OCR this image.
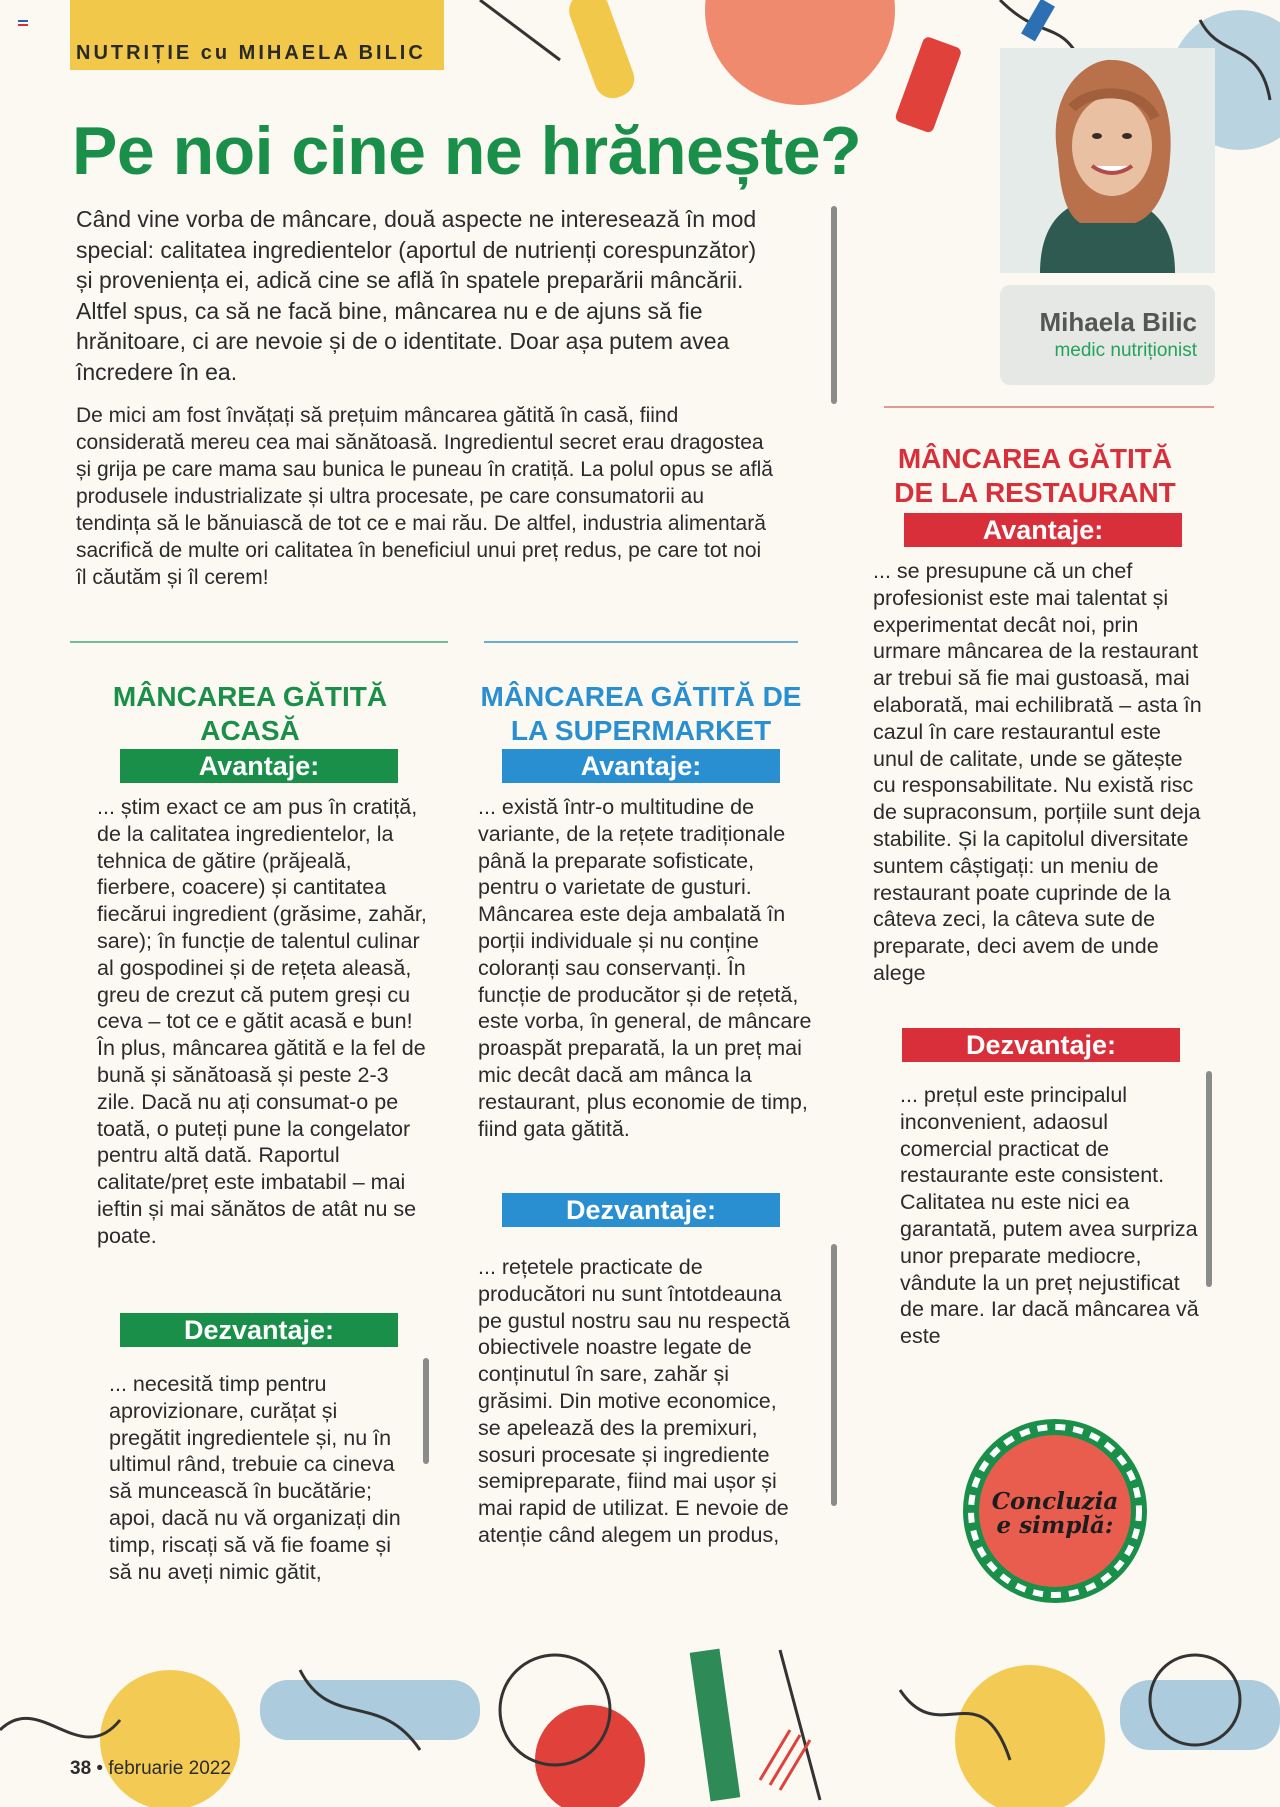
NUTRIȚIE cu MIHAELA BILIC
Pe noi cine ne hrănește?

Când vine vorba de mâncare, două aspecte ne interesează în mod special: calitatea ingredientelor (aportul de nutrienți corespunzător) și proveniența ei, adică cine se află în spatele preparării mâncării. Altfel spus, ca să ne facă bine, mâncarea nu e de ajuns să fie hrănitoare, ci are nevoie și de o identitate. Doar așa putem avea încredere în ea.

De mici am fost învățați să prețuim mâncarea gătită în casă, fiind considerată mereu cea mai sănătoasă. Ingredientul secret erau dragostea și grija pe care mama sau bunica le puneau în cratiță. La polul opus se află produsele industrializate și ultra procesate, pe care consumatorii au tendința să le bănuiască de tot ce e mai rău. De altfel, industria alimentară sacrifică de multe ori calitatea în beneficiul unui preț redus, pe care tot noi îl căutăm și îl cerem!

Mihaela Bilic
medic nutriționist
MÂNCAREA GĂTITĂ ACASĂ
Avantaje:

... știm exact ce am pus în cratiță, de la calitatea ingredientelor, la tehnica de gătire (prăjeală, fierbere, coacere) și cantitatea fiecărui ingredient (grăsime, zahăr, sare); în funcție de talentul culinar al gospodinei și de rețeta aleasă, greu de crezut că putem greși cu ceva – tot ce e gătit acasă e bun! În plus, mâncarea gătită e la fel de bună și sănătoasă și peste 2-3 zile. Dacă nu ați consumat-o pe toată, o puteți pune la congelator pentru altă dată. Raportul calitate/preț este imbatabil – mai ieftin și mai sănătos de atât nu se poate.

Dezvantaje:

... necesită timp pentru aprovizionare, curățat și pregătit ingredientele și, nu în ultimul rând, trebuie ca cineva să muncească în bucătărie; apoi, dacă nu vă organizați din timp, riscați să vă fie foame și să nu aveți nimic gătit,

MÂNCAREA GĂTITĂ DE LA SUPERMARKET
Avantaje:

... există într-o multitudine de variante, de la rețete tradiționale până la preparate sofisticate, pentru o varietate de gusturi. Mâncarea este deja ambalată în porții individuale și nu conține coloranți sau conservanți. În funcție de producător și de rețetă, este vorba, în general, de mâncare proaspăt preparată, la un preț mai mic decât dacă am mânca la restaurant, plus economie de timp, fiind gata gătită.

Dezvantaje:

... rețetele practicate de producători nu sunt întotdeauna pe gustul nostru sau nu respectă obiectivele noastre legate de conținutul în sare, zahăr și grăsimi. Din motive economice, se apelează des la premixuri, sosuri procesate și ingrediente semipreparate, fiind mai ușor și mai rapid de utilizat. E nevoie de atenție când alegem un produs,

MÂNCAREA GĂTITĂ DE LA RESTAURANT
Avantaje:

... se presupune că un chef profesionist este mai talentat și experimentat decât noi, prin urmare mâncarea de la restaurant ar trebui să fie mai gustoasă, mai elaborată, mai echilibrată – asta în cazul în care restaurantul este unul de calitate, unde se gătește cu responsabilitate. Nu există risc de supraconsum, porțiile sunt deja stabilite. Și la capitolul diversitate suntem câștigați: un meniu de restaurant poate cuprinde de la câteva zeci, la câteva sute de preparate, deci avem de unde alege

Dezvantaje:

... prețul este principalul inconvenient, adaosul comercial practicat de restaurante este consistent. Calitatea nu este nici ea garantată, putem avea surpriza unor preparate mediocre, vândute la un preț nejustificat de mare. Iar dacă mâncarea vă este

Concluzia
e simplă:
38 • februarie 2022
